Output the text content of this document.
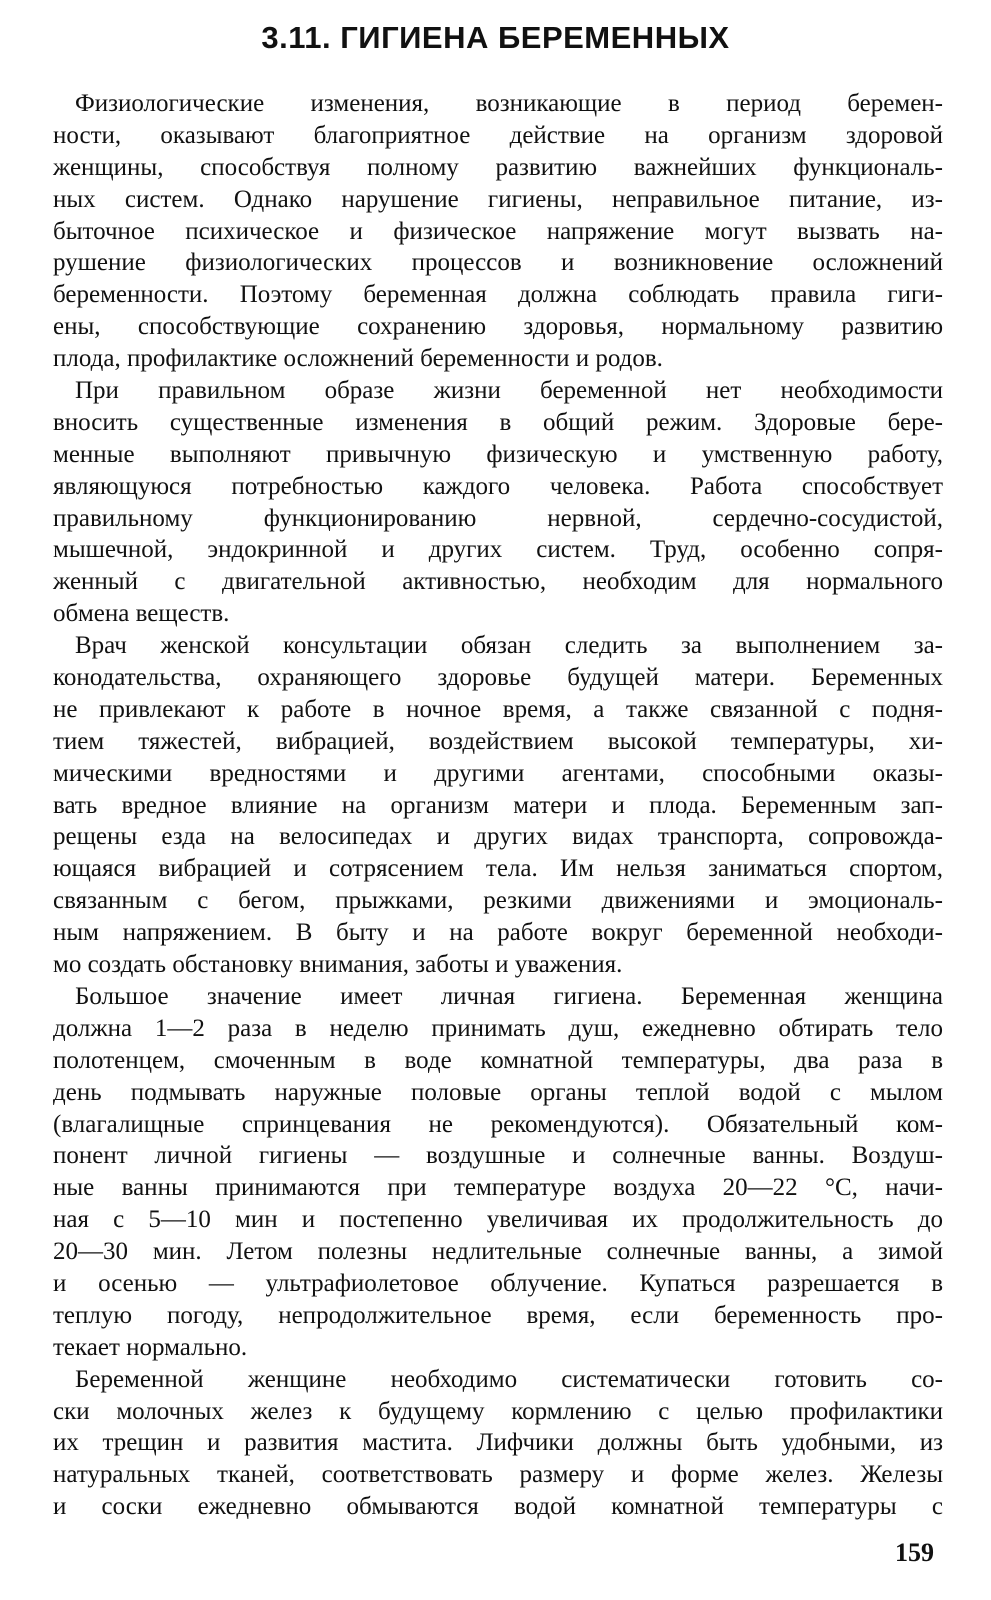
3.11. ГИГИЕНА БЕРЕМЕННЫХ
Физиологические изменения, возникающие в период беремен-
ности, оказывают благоприятное действие на организм здоровой
женщины, способствуя полному развитию важнейших функциональ-
ных систем. Однако нарушение гигиены, неправильное питание, из-
быточное психическое и физическое напряжение могут вызвать на-
рушение физиологических процессов и возникновение осложнений
беременности. Поэтому беременная должна соблюдать правила гиги-
ены, способствующие сохранению здоровья, нормальному развитию
плода, профилактике осложнений беременности и родов.
При правильном образе жизни беременной нет необходимости
вносить существенные изменения в общий режим. Здоровые бере-
менные выполняют привычную физическую и умственную работу,
являющуюся потребностью каждого человека. Работа способствует
правильному функционированию нервной, сердечно-сосудистой,
мышечной, эндокринной и других систем. Труд, особенно сопря-
женный с двигательной активностью, необходим для нормального
обмена веществ.
Врач женской консультации обязан следить за выполнением за-
конодательства, охраняющего здоровье будущей матери. Беременных
не привлекают к работе в ночное время, а также связанной с подня-
тием тяжестей, вибрацией, воздействием высокой температуры, хи-
мическими вредностями и другими агентами, способными оказы-
вать вредное влияние на организм матери и плода. Беременным зап-
рещены езда на велосипедах и других видах транспорта, сопровожда-
ющаяся вибрацией и сотрясением тела. Им нельзя заниматься спортом,
связанным с бегом, прыжками, резкими движениями и эмоциональ-
ным напряжением. В быту и на работе вокруг беременной необходи-
мо создать обстановку внимания, заботы и уважения.
Большое значение имеет личная гигиена. Беременная женщина
должна 1—2 раза в неделю принимать душ, ежедневно обтирать тело
полотенцем, смоченным в воде комнатной температуры, два раза в
день подмывать наружные половые органы теплой водой с мылом
(влагалищные спринцевания не рекомендуются). Обязательный ком-
понент личной гигиены — воздушные и солнечные ванны. Воздуш-
ные ванны принимаются при температуре воздуха 20—22 °С, начи-
ная с 5—10 мин и постепенно увеличивая их продолжительность до
20—30 мин. Летом полезны недлительные солнечные ванны, а зимой
и осенью — ультрафиолетовое облучение. Купаться разрешается в
теплую погоду, непродолжительное время, если беременность про-
текает нормально.
Беременной женщине необходимо систематически готовить со-
ски молочных желез к будущему кормлению с целью профилактики
их трещин и развития мастита. Лифчики должны быть удобными, из
натуральных тканей, соответствовать размеру и форме желез. Железы
и соски ежедневно обмываются водой комнатной температуры с
159
